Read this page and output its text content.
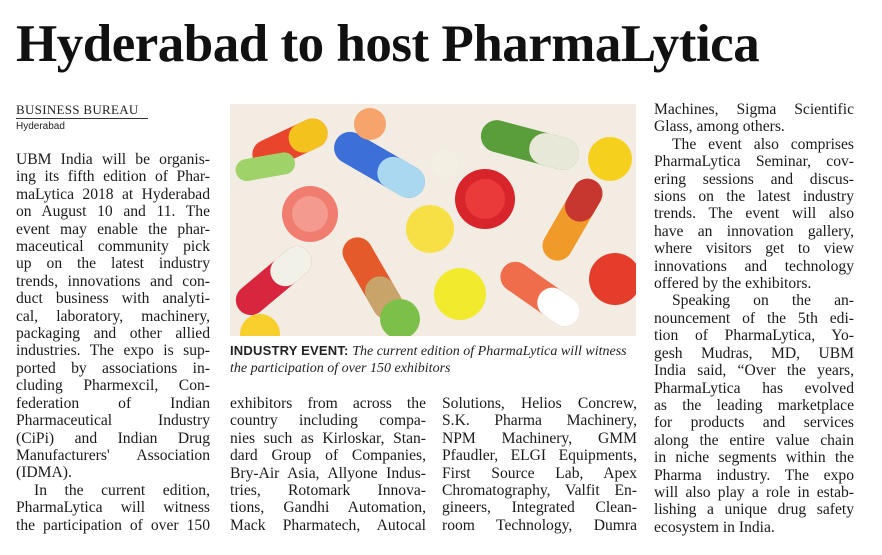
Hyderabad to host PharmaLytica
BUSINESS BUREAU
Hyderabad
UBM India will be organis-
ing its fifth edition of Phar-
maLytica 2018 at Hyderabad
on August 10 and 11. The
event may enable the phar-
maceutical community pick
up on the latest industry
trends, innovations and con-
duct business with analyti-
cal, laboratory, machinery,
packaging and other allied
industries. The expo is sup-
ported by associations in-
cluding Pharmexcil, Con-
federation of Indian
Pharmaceutical Industry
(CiPi) and Indian Drug
Manufacturers' Association
(IDMA).
In the current edition,
PharmaLytica will witness
the participation of over 150
INDUSTRY EVENT: The current edition of PharmaLytica will witness the participation of over 150 exhibitors
exhibitors from across the
country including compa-
nies such as Kirloskar, Stan-
dard Group of Companies,
Bry-Air Asia, Allyone Indus-
tries, Rotomark Innova-
tions, Gandhi Automation,
Mack Pharmatech, Autocal
Solutions, Helios Concrew,
S.K. Pharma Machinery,
NPM Machinery, GMM
Pfaudler, ELGI Equipments,
First Source Lab, Apex
Chromatography, Valfit En-
gineers, Integrated Clean-
room Technology, Dumra
Machines, Sigma Scientific
Glass, among others.
The event also comprises
PharmaLytica Seminar, cov-
ering sessions and discus-
sions on the latest industry
trends. The event will also
have an innovation gallery,
where visitors get to view
innovations and technology
offered by the exhibitors.
Speaking on the an-
nouncement of the 5th edi-
tion of PharmaLytica, Yo-
gesh Mudras, MD, UBM
India said, “Over the years,
PharmaLytica has evolved
as the leading marketplace
for products and services
along the entire value chain
in niche segments within the
Pharma industry. The expo
will also play a role in estab-
lishing a unique drug safety
ecosystem in India.
